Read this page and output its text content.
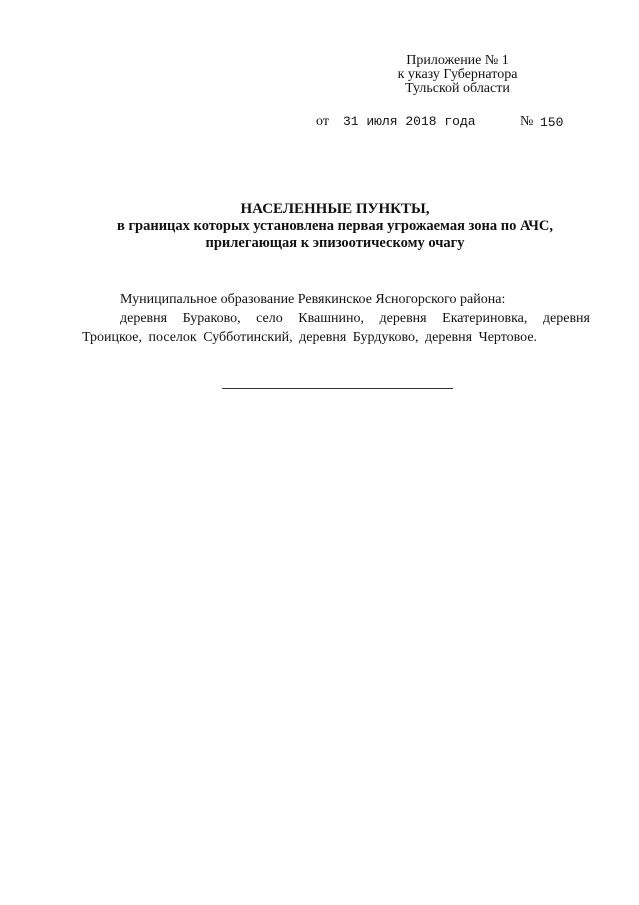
Приложение № 1
к указу Губернатора
Тульской области
от 31 июля 2018 года	№ 150
НАСЕЛЕННЫЕ ПУНКТЫ,
в границах которых установлена первая угрожаемая зона по АЧС,
прилегающая к эпизоотическому очагу
Муниципальное образование Ревякинское Ясногорского района:
деревня Бураково, село Квашнино, деревня Екатериновка, деревня Троицкое, поселок Субботинский, деревня Бурдуково, деревня Чертовое.
